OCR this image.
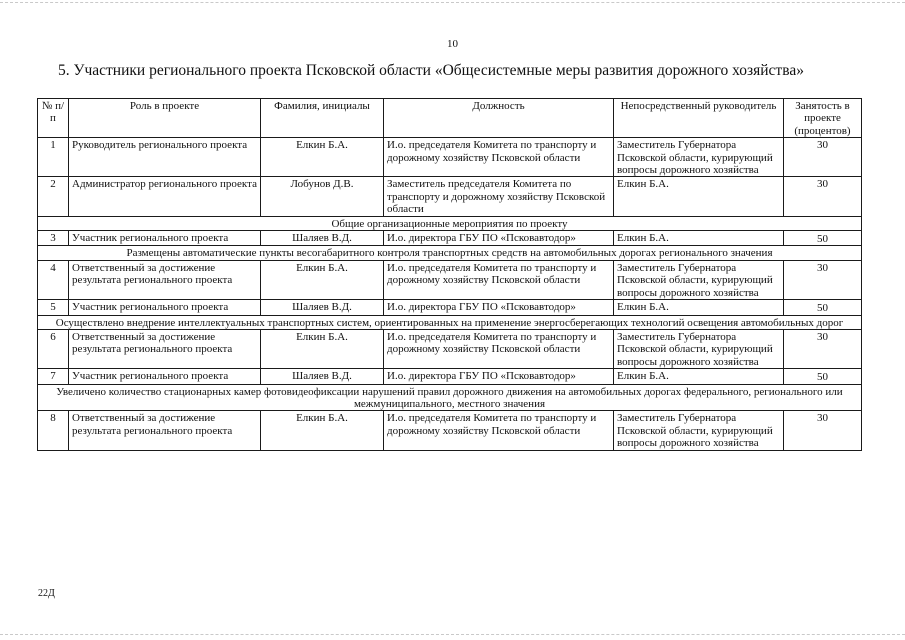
10
5. Участники регионального проекта Псковской области «Общесистемные меры развития дорожного хозяйства»
№ п/п	Роль в проекте	Фамилия, инициалы	Должность	Непосредственный руководитель	Занятость в проекте (процентов)
1	Руководитель регионального проекта	Елкин Б.А.	И.о. председателя Комитета по транспорту и дорожному хозяйству Псковской области	Заместитель Губернатора Псковской области, курирующий вопросы дорожного хозяйства	30
2	Администратор регионального проекта	Лобунов Д.В.	Заместитель председателя Комитета по транспорту и дорожному хозяйству Псковской области	Елкин Б.А.	30
Общие организационные мероприятия по проекту					
3	Участник регионального проекта	Шаляев В.Д.	И.о. директора ГБУ ПО «Псковавтодор»	Елкин Б.А.	50
Размещены автоматические пункты весогабаритного контроля транспортных средств на автомобильных дорогах регионального значения					
4	Ответственный за достижение результата регионального проекта	Елкин Б.А.	И.о. председателя Комитета по транспорту и дорожному хозяйству Псковской области	Заместитель Губернатора Псковской области, курирующий вопросы дорожного хозяйства	30
5	Участник регионального проекта	Шаляев В.Д.	И.о. директора ГБУ ПО «Псковавтодор»	Елкин Б.А.	50
Осуществлено внедрение интеллектуальных транспортных систем, ориентированных на применение энергосберегающих технологий освещения автомобильных дорог					
6	Ответственный за достижение результата регионального проекта	Елкин Б.А.	И.о. председателя Комитета по транспорту и дорожному хозяйству Псковской области	Заместитель Губернатора Псковской области, курирующий вопросы дорожного хозяйства	30
7	Участник регионального проекта	Шаляев В.Д.	И.о. директора ГБУ ПО «Псковавтодор»	Елкин Б.А.	50
Увеличено количество стационарных камер фотовидеофиксации нарушений правил дорожного движения на автомобильных дорогах федерального, регионального или межмуниципального, местного значения					
8	Ответственный за достижение результата регионального проекта	Елкин Б.А.	И.о. председателя Комитета по транспорту и дорожному хозяйству Псковской области	Заместитель Губернатора Псковской области, курирующий вопросы дорожного хозяйства	30
22Д
